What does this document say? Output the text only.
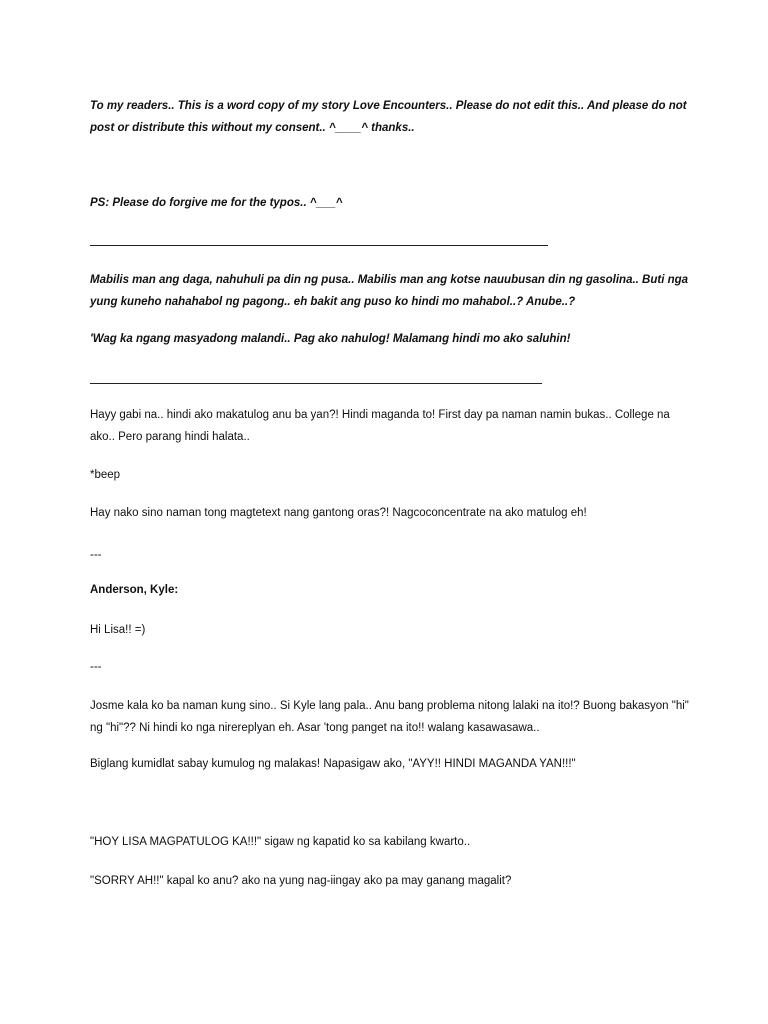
To my readers.. This is a word copy of my story Love Encounters.. Please do not edit this.. And please do not post or distribute this without my consent.. ^____^ thanks..

PS: Please do forgive me for the typos.. ^___^

Mabilis man ang daga, nahuhuli pa din ng pusa.. Mabilis man ang kotse nauubusan din ng gasolina.. Buti nga yung kuneho nahahabol ng pagong.. eh bakit ang puso ko hindi mo mahabol..? Anube..?

'Wag ka ngang masyadong malandi.. Pag ako nahulog! Malamang hindi mo ako saluhin!

Hayy gabi na.. hindi ako makatulog anu ba yan?! Hindi maganda to! First day pa naman namin bukas.. College na ako.. Pero parang hindi halata..

*beep

Hay nako sino naman tong magtetext nang gantong oras?! Nagcoconcentrate na ako matulog eh!

---

Anderson, Kyle:

Hi Lisa!! =)

---

Josme kala ko ba naman kung sino.. Si Kyle lang pala.. Anu bang problema nitong lalaki na ito!? Buong bakasyon "hi" ng "hi"?? Ni hindi ko nga nirereplyan eh. Asar 'tong panget na ito!! walang kasawasawa..

Biglang kumidlat sabay kumulog ng malakas! Napasigaw ako, "AYY!! HINDI MAGANDA YAN!!!"

"HOY LISA MAGPATULOG KA!!!" sigaw ng kapatid ko sa kabilang kwarto..

"SORRY AH!!" kapal ko anu? ako na yung nag-iingay ako pa may ganang magalit?
